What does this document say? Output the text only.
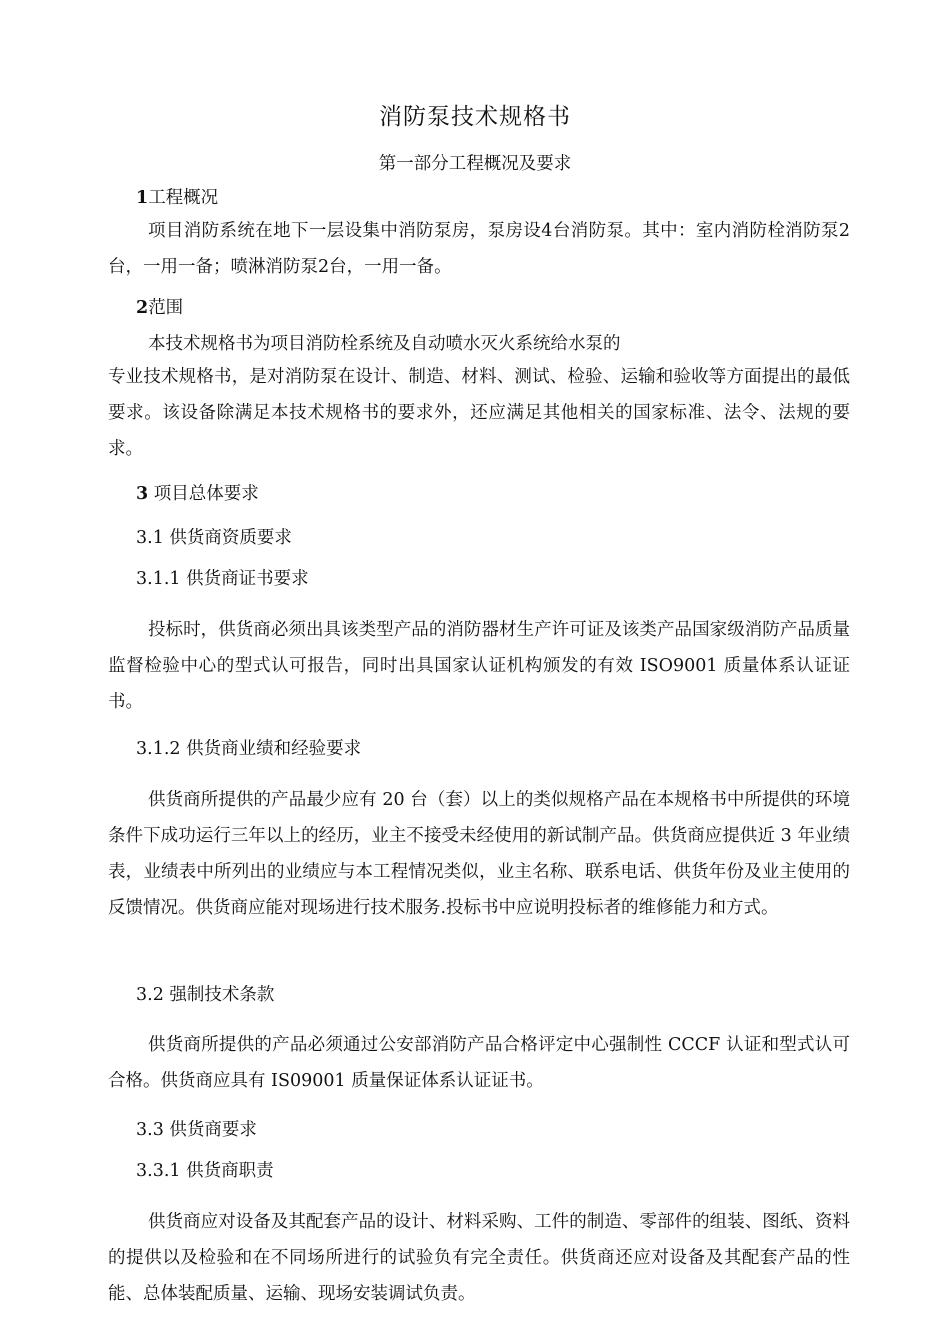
消防泵技术规格书
第一部分工程概况及要求
1工程概况
项目消防系统在地下一层设集中消防泵房，泵房设4台消防泵。其中：室内消防栓消防泵2台，一用一备；喷淋消防泵2台，一用一备。
2范围
本技术规格书为项目消防栓系统及自动喷水灭火系统给水泵的
专业技术规格书，是对消防泵在设计、制造、材料、测试、检验、运输和验收等方面提出的最低要求。该设备除满足本技术规格书的要求外，还应满足其他相关的国家标准、法令、法规的要求。
3 项目总体要求
3.1 供货商资质要求
3.1.1 供货商证书要求
投标时，供货商必须出具该类型产品的消防器材生产许可证及该类产品国家级消防产品质量监督检验中心的型式认可报告，同时出具国家认证机构颁发的有效 ISO9001 质量体系认证证书。
3.1.2 供货商业绩和经验要求
供货商所提供的产品最少应有 20 台（套）以上的类似规格产品在本规格书中所提供的环境条件下成功运行三年以上的经历，业主不接受未经使用的新试制产品。供货商应提供近 3 年业绩表，业绩表中所列出的业绩应与本工程情况类似，业主名称、联系电话、供货年份及业主使用的反馈情况。供货商应能对现场进行技术服务.投标书中应说明投标者的维修能力和方式。
3.2 强制技术条款
供货商所提供的产品必须通过公安部消防产品合格评定中心强制性 CCCF 认证和型式认可合格。供货商应具有 IS09001 质量保证体系认证证书。
3.3 供货商要求
3.3.1 供货商职责
供货商应对设备及其配套产品的设计、材料采购、工件的制造、零部件的组装、图纸、资料的提供以及检验和在不同场所进行的试验负有完全责任。供货商还应对设备及其配套产品的性能、总体装配质量、运输、现场安装调试负责。
